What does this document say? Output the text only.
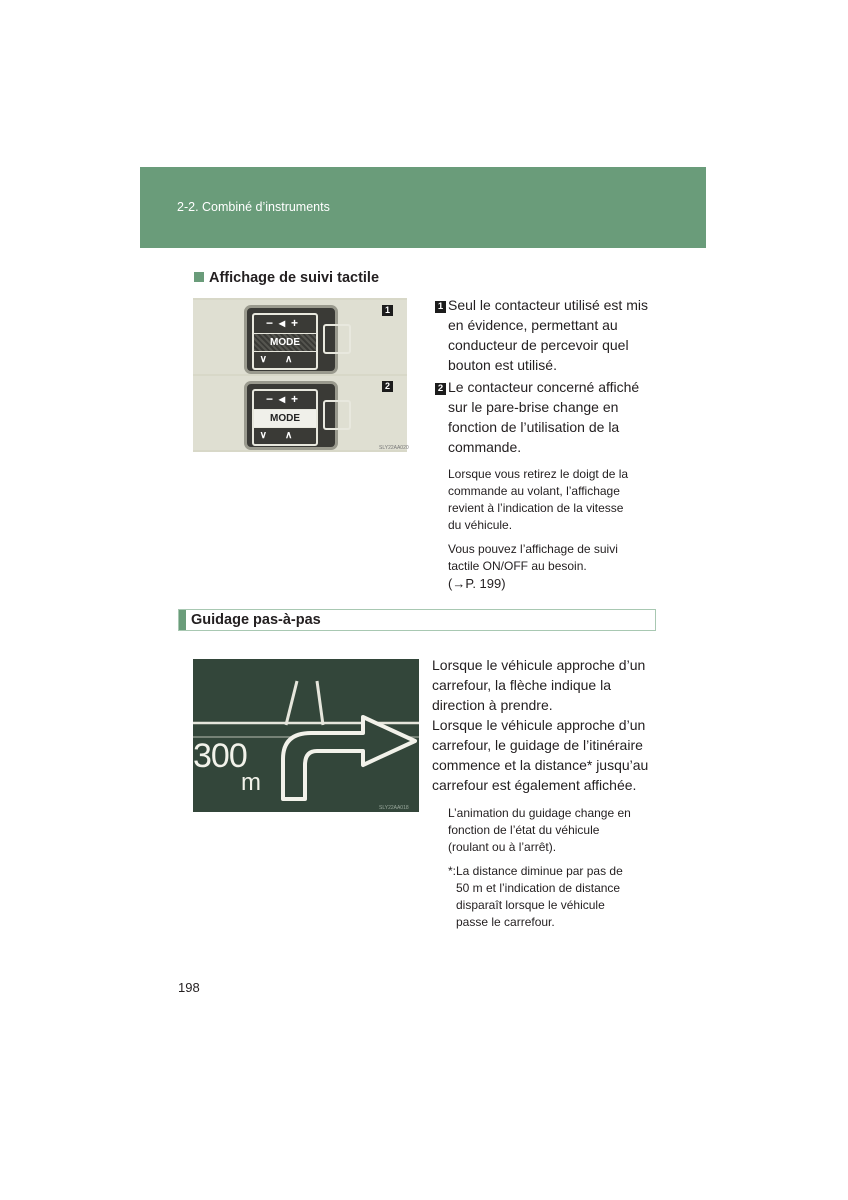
2-2. Combiné d’instruments
Affichage de suivi tactile
−◂+
MODE
∨∧
1
−◂+
MODE
∨∧
2
SLY22AA020
1 Seul le contacteur utilisé est mis
en évidence, permettant au
conducteur de percevoir quel
bouton est utilisé.
2 Le contacteur concerné affiché
sur le pare-brise change en
fonction de l’utilisation de la
commande.
Lorsque vous retirez le doigt de la
commande au volant, l’affichage
revient à l’indication de la vitesse
du véhicule.
Vous pouvez l’affichage de suivi
tactile ON/OFF au besoin.
(→P. 199)
Guidage pas-à-pas
300
m
SLY22AA018
Lorsque le véhicule approche d’un
carrefour, la flèche indique la
direction à prendre.
Lorsque le véhicule approche d’un
carrefour, le guidage de l’itinéraire
commence et la distance* jusqu’au
carrefour est également affichée.
L’animation du guidage change en
fonction de l’état du véhicule
(roulant ou à l’arrêt).
*:La distance diminue par pas de
50 m et l’indication de distance
disparaît lorsque le véhicule
passe le carrefour.
198
